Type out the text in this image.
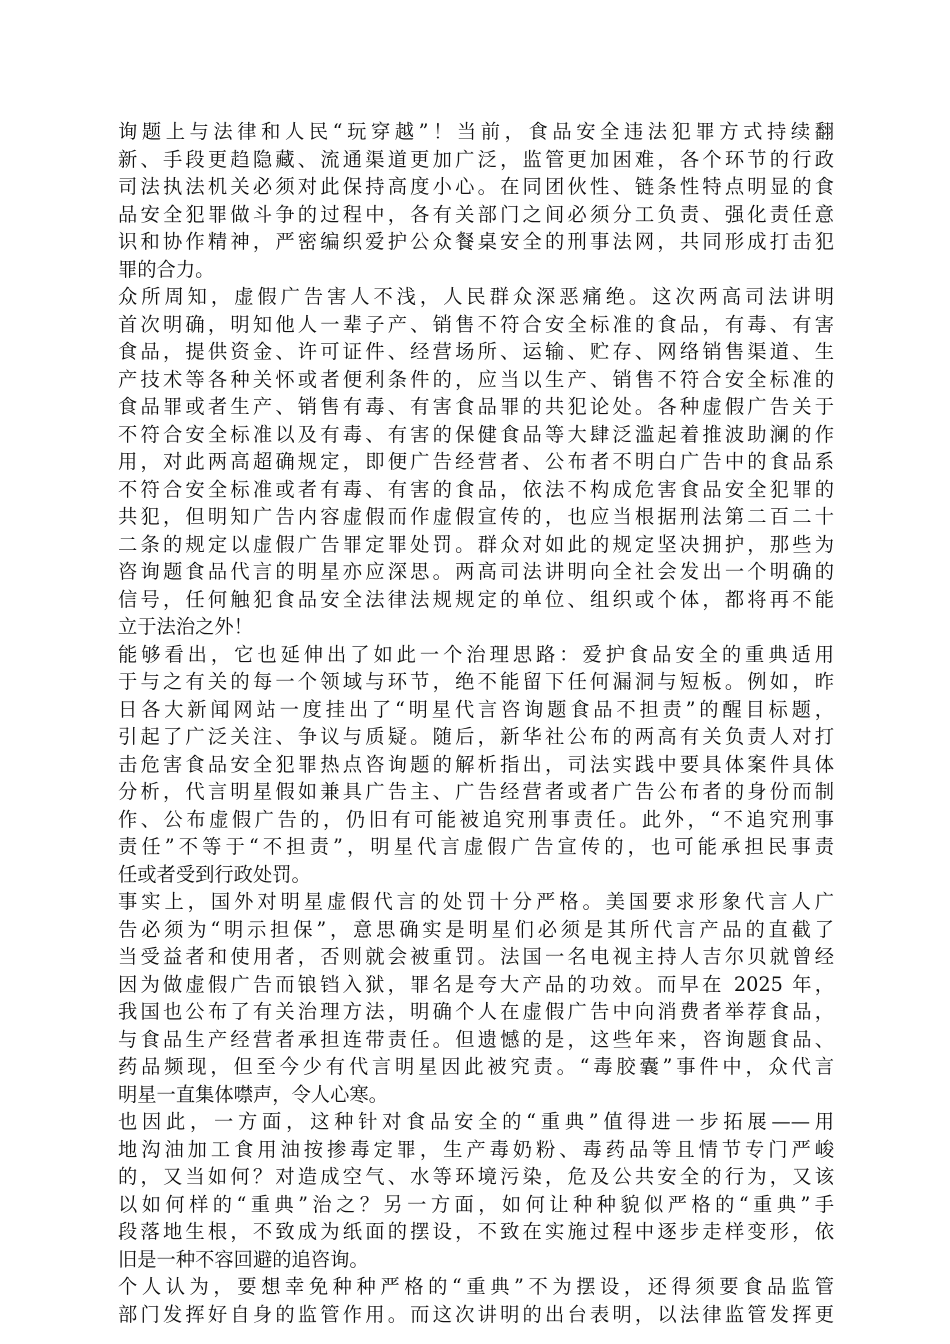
询题上与法律和人民“玩穿越”！当前，食品安全违法犯罪方式持续翻
新、手段更趋隐藏、流通渠道更加广泛，监管更加困难，各个环节的行政
司法执法机关必须对此保持高度小心。在同团伙性、链条性特点明显的食
品安全犯罪做斗争的过程中，各有关部门之间必须分工负责、强化责任意
识和协作精神，严密编织爱护公众餐桌安全的刑事法网，共同形成打击犯
罪的合力。
众所周知，虚假广告害人不浅，人民群众深恶痛绝。这次两高司法讲明
首次明确，明知他人一辈子产、销售不符合安全标准的食品，有毒、有害
食品，提供资金、许可证件、经营场所、运输、贮存、网络销售渠道、生
产技术等各种关怀或者便利条件的，应当以生产、销售不符合安全标准的
食品罪或者生产、销售有毒、有害食品罪的共犯论处。各种虚假广告关于
不符合安全标准以及有毒、有害的保健食品等大肆泛滥起着推波助澜的作
用，对此两高超确规定，即便广告经营者、公布者不明白广告中的食品系
不符合安全标准或者有毒、有害的食品，依法不构成危害食品安全犯罪的
共犯，但明知广告内容虚假而作虚假宣传的，也应当根据刑法第二百二十
二条的规定以虚假广告罪定罪处罚。群众对如此的规定坚决拥护，那些为
咨询题食品代言的明星亦应深思。两高司法讲明向全社会发出一个明确的
信号，任何触犯食品安全法律法规规定的单位、组织或个体，都将再不能
立于法治之外！
能够看出，它也延伸出了如此一个治理思路：爱护食品安全的重典适用
于与之有关的每一个领域与环节，绝不能留下任何漏洞与短板。例如，昨
日各大新闻网站一度挂出了“明星代言咨询题食品不担责”的醒目标题，
引起了广泛关注、争议与质疑。随后，新华社公布的两高有关负责人对打
击危害食品安全犯罪热点咨询题的解析指出，司法实践中要具体案件具体
分析，代言明星假如兼具广告主、广告经营者或者广告公布者的身份而制
作、公布虚假广告的，仍旧有可能被追究刑事责任。此外，“不追究刑事
责任”不等于“不担责”，明星代言虚假广告宣传的，也可能承担民事责
任或者受到行政处罚。
事实上，国外对明星虚假代言的处罚十分严格。美国要求形象代言人广
告必须为“明示担保”，意思确实是明星们必须是其所代言产品的直截了
当受益者和使用者，否则就会被重罚。法国一名电视主持人吉尔贝就曾经
因为做虚假广告而锒铛入狱，罪名是夸大产品的功效。而早在 2025 年，
我国也公布了有关治理方法，明确个人在虚假广告中向消费者举荐食品，
与食品生产经营者承担连带责任。但遗憾的是，这些年来，咨询题食品、
药品频现，但至今少有代言明星因此被究责。“毒胶囊”事件中，众代言
明星一直集体噤声，令人心寒。
也因此，一方面，这种针对食品安全的“重典”值得进一步拓展——用
地沟油加工食用油按掺毒定罪，生产毒奶粉、毒药品等且情节专门严峻
的，又当如何？对造成空气、水等环境污染，危及公共安全的行为，又该
以如何样的“重典”治之？另一方面，如何让种种貌似严格的“重典”手
段落地生根，不致成为纸面的摆设，不致在实施过程中逐步走样变形，依
旧是一种不容回避的追咨询。
个人认为，要想幸免种种严格的“重典”不为摆设，还得须要食品监管
部门发挥好自身的监管作用。而这次讲明的出台表明，以法律监管发挥更
